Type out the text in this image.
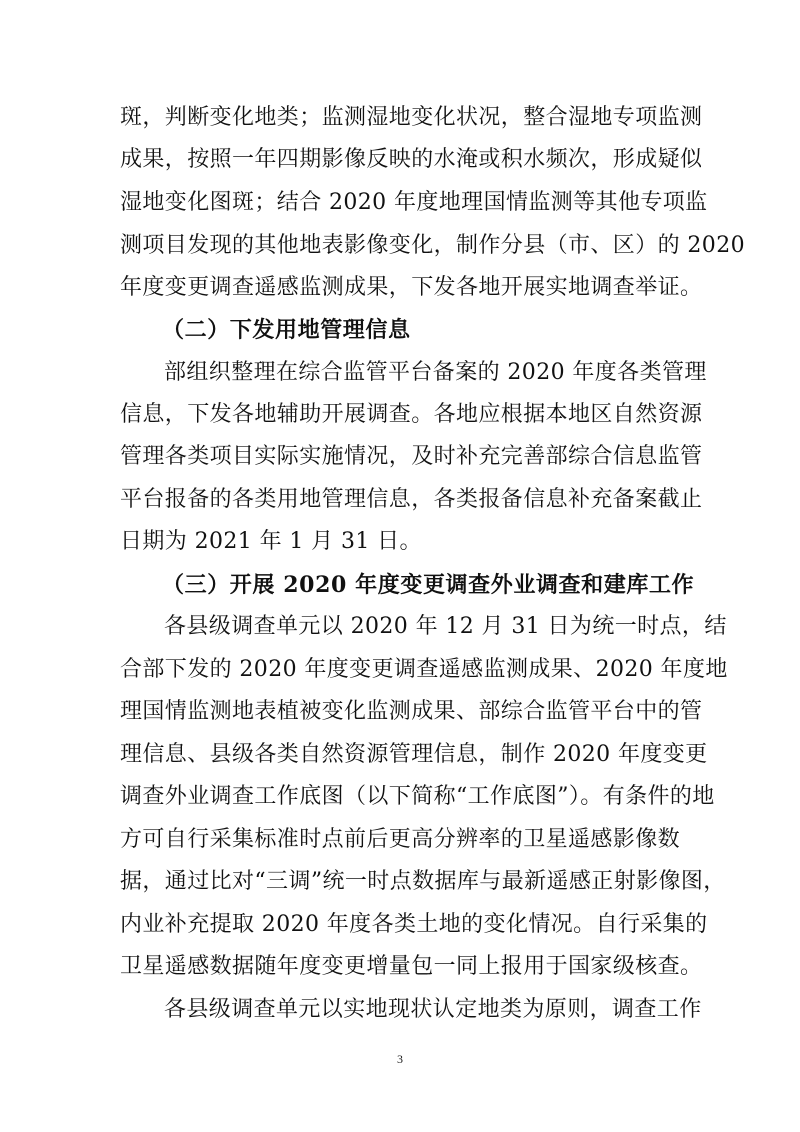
斑，判断变化地类；监测湿地变化状况，整合湿地专项监测
成果，按照一年四期影像反映的水淹或积水频次，形成疑似
湿地变化图斑；结合 2020 年度地理国情监测等其他专项监
测项目发现的其他地表影像变化，制作分县（市、区）的 2020
年度变更调查遥感监测成果，下发各地开展实地调查举证。
（二）下发用地管理信息
部组织整理在综合监管平台备案的 2020 年度各类管理
信息，下发各地辅助开展调查。各地应根据本地区自然资源
管理各类项目实际实施情况，及时补充完善部综合信息监管
平台报备的各类用地管理信息，各类报备信息补充备案截止
日期为 2021 年 1 月 31 日。
（三）开展 2020 年度变更调查外业调查和建库工作
各县级调查单元以 2020 年 12 月 31 日为统一时点，结
合部下发的 2020 年度变更调查遥感监测成果、2020 年度地
理国情监测地表植被变化监测成果、部综合监管平台中的管
理信息、县级各类自然资源管理信息，制作 2020 年度变更
调查外业调查工作底图（以下简称“工作底图”）。有条件的地
方可自行采集标准时点前后更高分辨率的卫星遥感影像数
据，通过比对“三调”统一时点数据库与最新遥感正射影像图，
内业补充提取 2020 年度各类土地的变化情况。自行采集的
卫星遥感数据随年度变更增量包一同上报用于国家级核查。
各县级调查单元以实地现状认定地类为原则，调查工作
3
